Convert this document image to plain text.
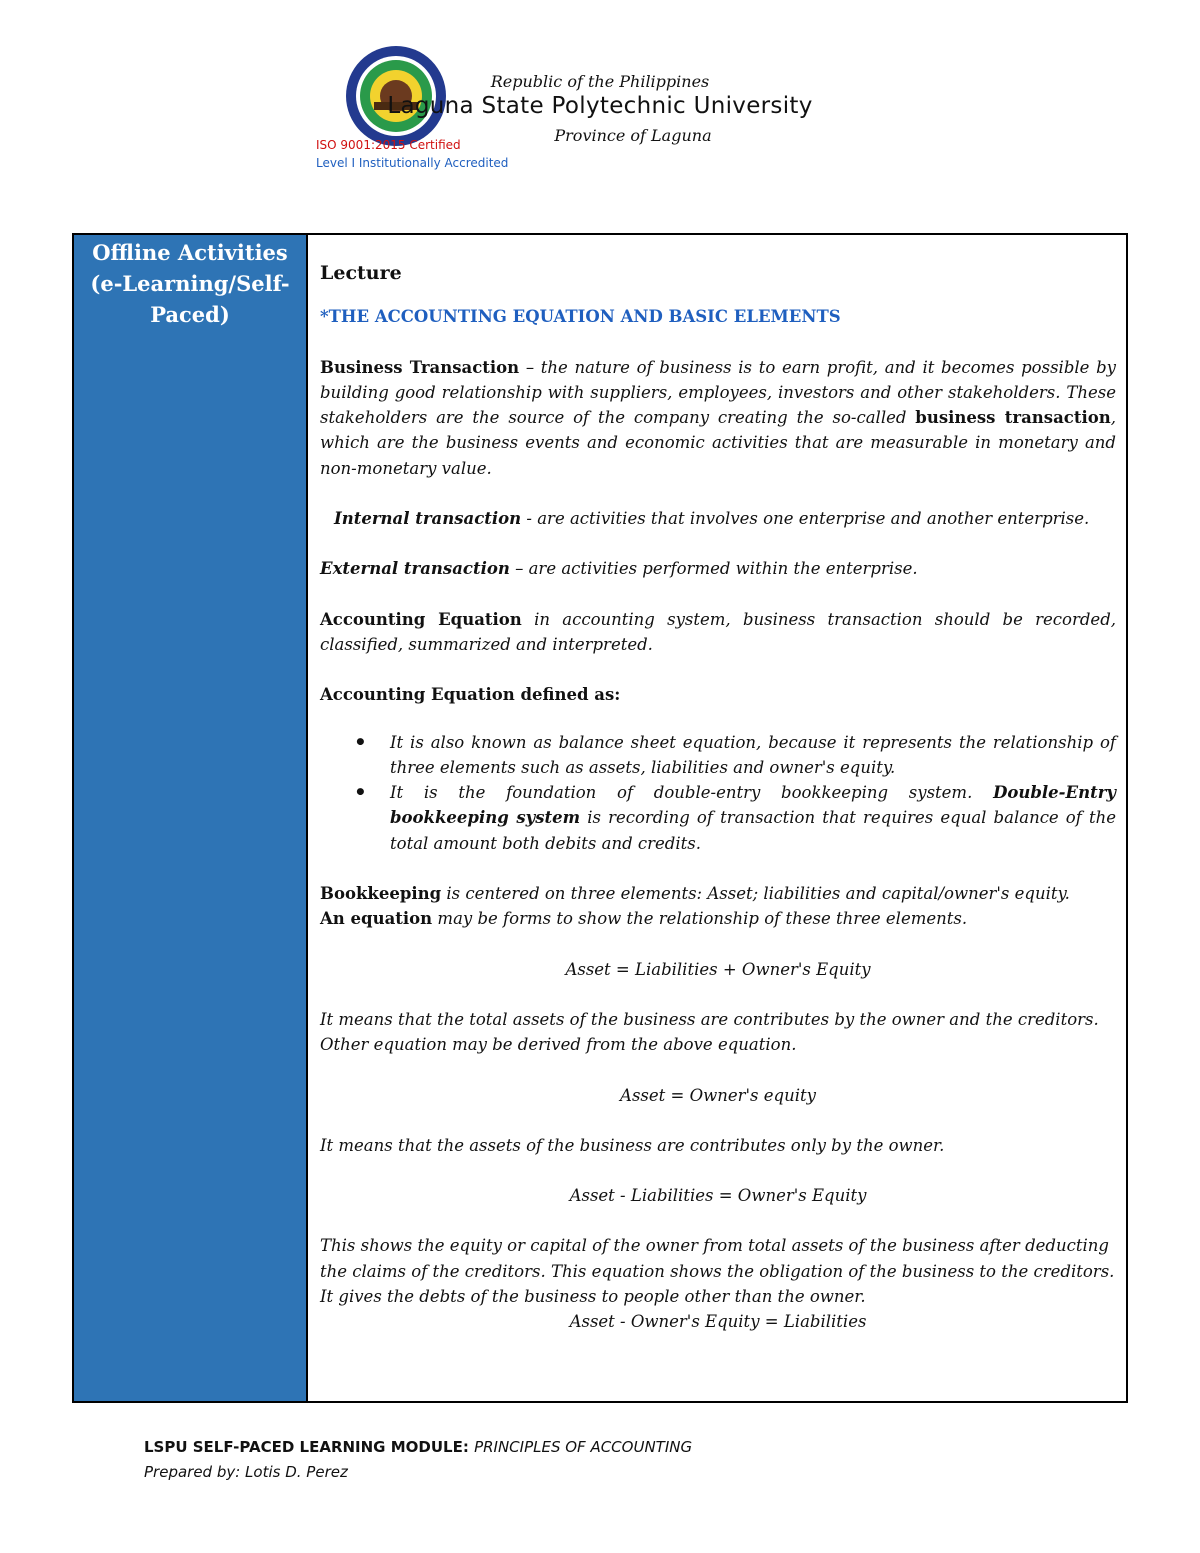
Republic of the Philippines
Laguna State Polytechnic University
Province of Laguna
ISO 9001:2015 Certified
Level I Institutionally Accredited
Offline Activities (e-Learning/Self-Paced)

Lecture

*THE ACCOUNTING EQUATION AND BASIC ELEMENTS

Business Transaction – the nature of business is to earn profit, and it becomes possible by building good relationship with suppliers, employees, investors and other stakeholders. These stakeholders are the source of the company creating the so-called business transaction, which are the business events and economic activities that are measurable in monetary and non-monetary value.

Internal transaction - are activities that involves one enterprise and another enterprise.

External transaction – are activities performed within the enterprise.

Accounting Equation in accounting system, business transaction should be recorded, classified, summarized and interpreted.

Accounting Equation defined as:

• It is also known as balance sheet equation, because it represents the relationship of three elements such as assets, liabilities and owner's equity.
• It is the foundation of double-entry bookkeeping system. Double-Entry bookkeeping system is recording of transaction that requires equal balance of the total amount both debits and credits.

Bookkeeping is centered on three elements: Asset; liabilities and capital/owner's equity.
An equation may be forms to show the relationship of these three elements.

Asset = Liabilities + Owner's Equity

It means that the total assets of the business are contributes by the owner and the creditors. Other equation may be derived from the above equation.

Asset = Owner's equity

It means that the assets of the business are contributes only by the owner.

Asset - Liabilities = Owner's Equity

This shows the equity or capital of the owner from total assets of the business after deducting the claims of the creditors. This equation shows the obligation of the business to the creditors. It gives the debts of the business to people other than the owner.

Asset - Owner's Equity = Liabilities

LSPU SELF-PACED LEARNING MODULE: PRINCIPLES OF ACCOUNTING
Prepared by: Lotis D. Perez
